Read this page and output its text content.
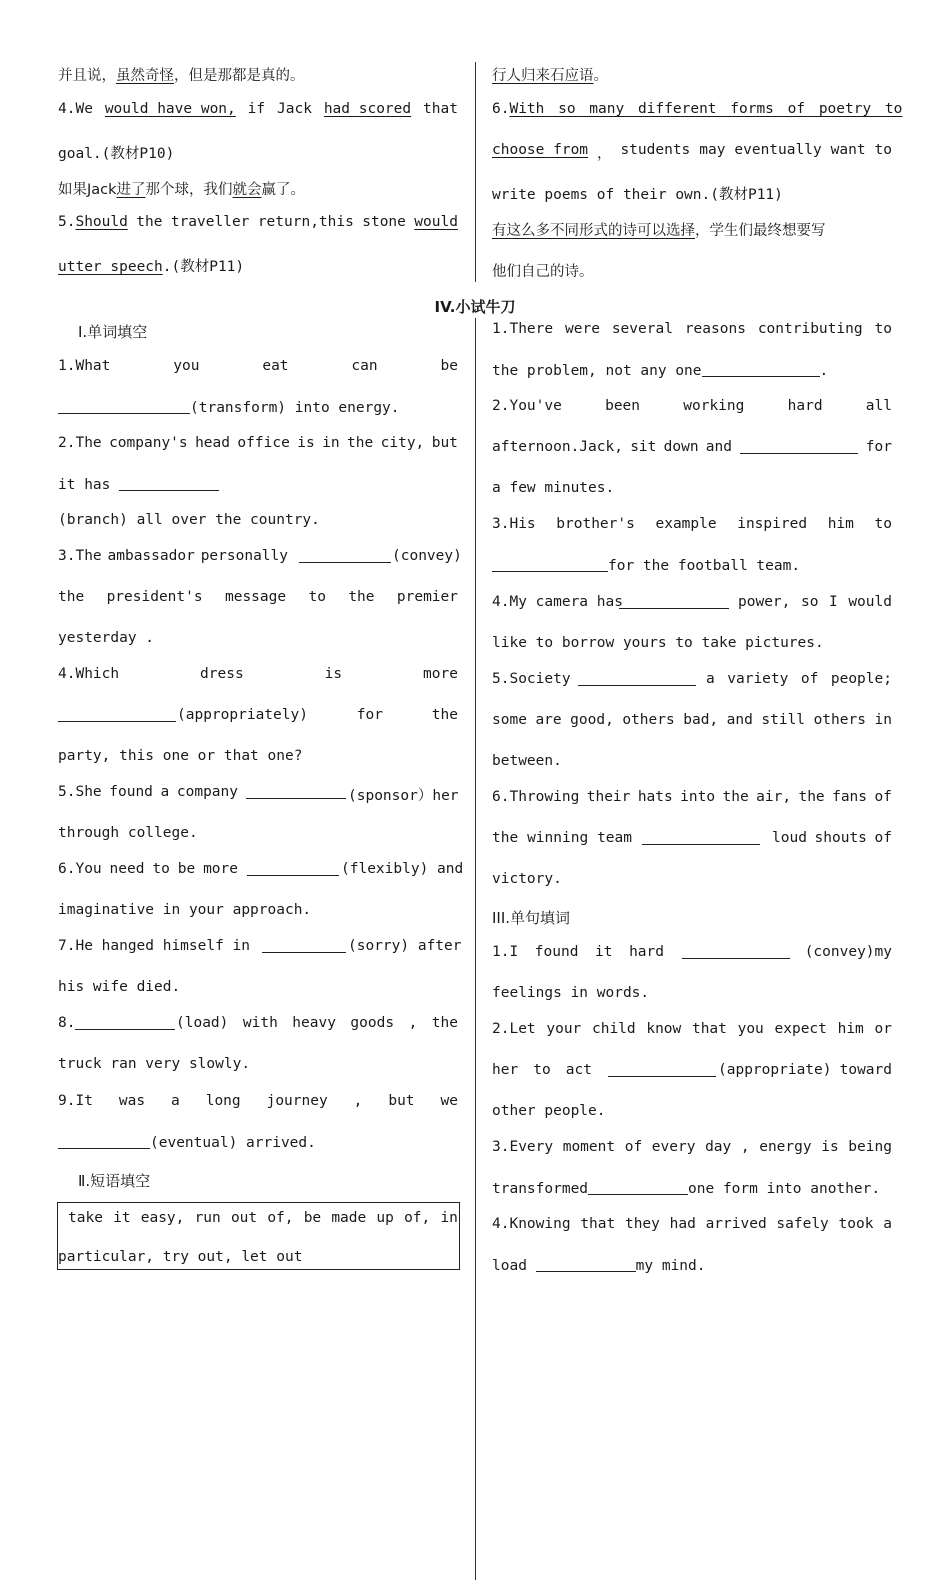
并且说，虽然奇怪，但是那都是真的。
4.We would have won, if Jack had scored that
goal.(教材P10)
如果Jack进了那个球，我们就会赢了。
5.Should the traveller return,this stone would
utter speech.(教材P11)
行人归来石应语。
6.With so many different forms of poetry to
choose from ， students may eventually want to
write poems of their own.(教材P11)
有这么多不同形式的诗可以选择，学生们最终想要写
他们自己的诗。
IV.小试牛刀
Ⅰ.单词填空
1.What	you	eat	can	be
(transform) into energy.
2.The company's head office is in the city, but
it has
(branch) all over the country.
3.The ambassador personally	(convey)
the president's message to the premier
yesterday .
4.Which	dress	is	more
(appropriately)	for	the
party, this one or that one?
5.She found a company	(sponsor）her
through college.
6.You need to be more	(flexibly) and
imaginative in your approach.
7.He hanged himself in	(sorry) after
his wife died.
8.	(load) with heavy goods , the
truck ran very slowly.
9.It was a long journey , but we
(eventual) arrived.
Ⅱ.短语填空
take it easy, run out of, be made up of, in
particular, try out, let out
1.There were several reasons contributing to
the problem, not any one	.
2.You've	been	working	hard	all
afternoon.Jack, sit down and	for
a few minutes.
3.His brother's example inspired him to
for the football team.
4.My camera has	power, so I would
like to borrow yours to take pictures.
5.Society	a variety of people;
some are good, others bad, and still others in
between.
6.Throwing their hats into the air, the fans of
the winning team	loud shouts of
victory.
III.单句填词
1.I found it hard	(convey)my
feelings in words.
2.Let your child know that you expect him or
her to act	(appropriate) toward
other people.
3.Every moment of every day , energy is being
transformed	one form into another.
4.Knowing that they had arrived safely took a
load	my mind.
